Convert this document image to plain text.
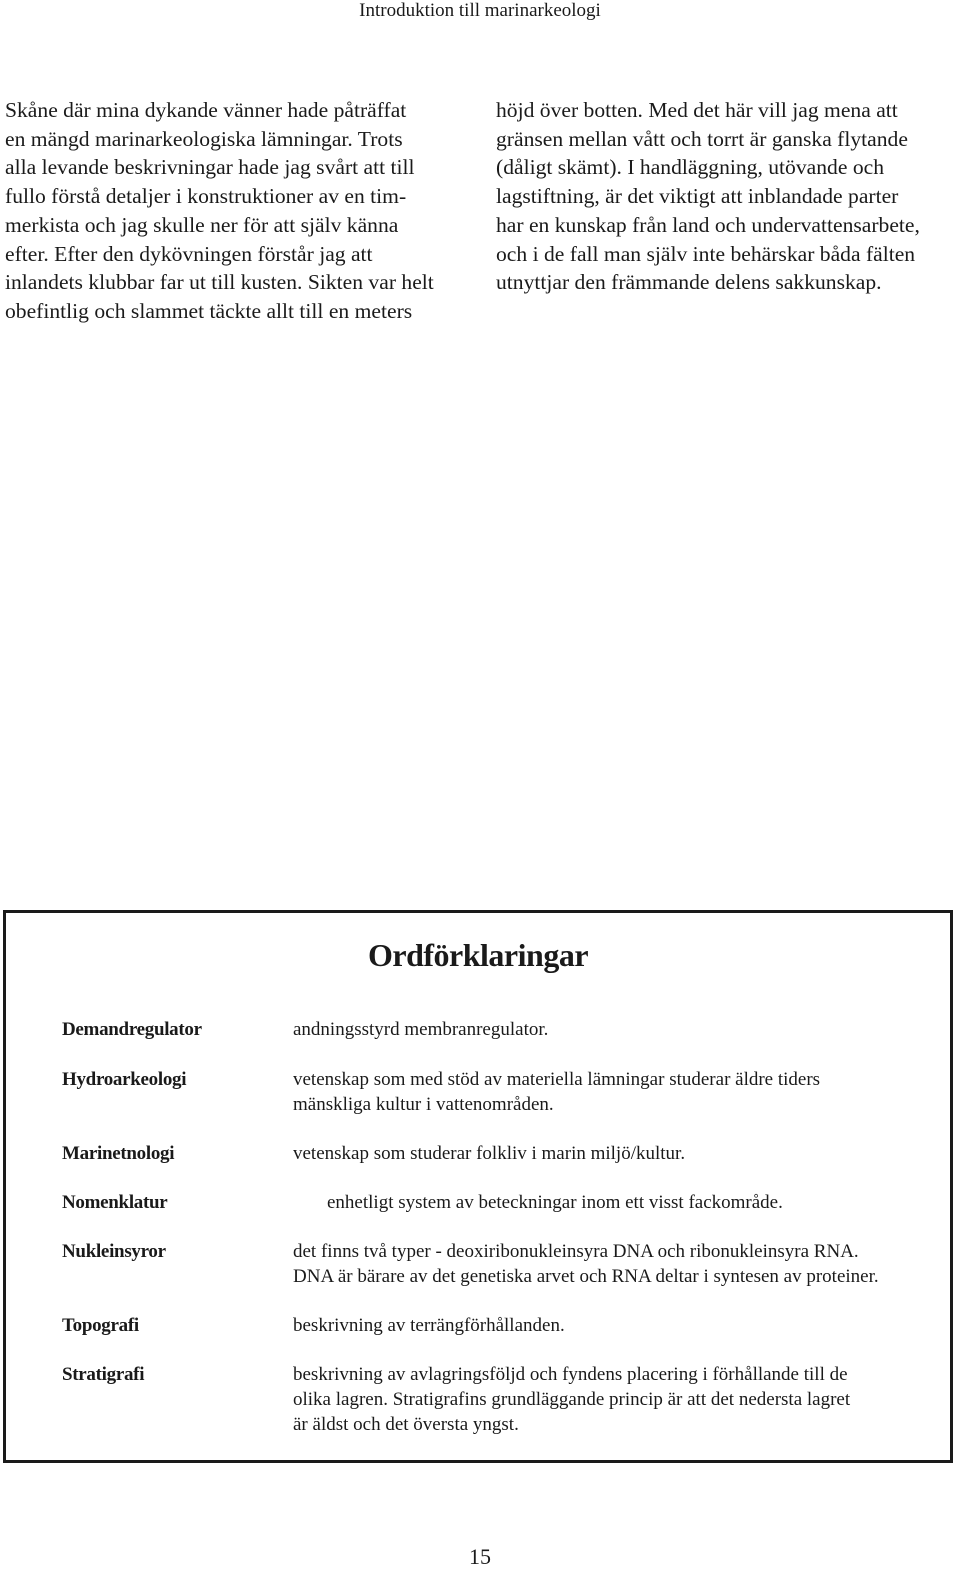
Introduktion till marinarkeologi

Skåne där mina dykande vänner hade påträffat
en mängd marinarkeologiska lämningar. Trots
alla levande beskrivningar hade jag svårt att till
fullo förstå detaljer i konstruktioner av en tim-
merkista och jag skulle ner för att själv känna
efter. Efter den dykövningen förstår jag att
inlandets klubbar far ut till kusten. Sikten var helt
obefintlig och slammet täckte allt till en meters

höjd över botten. Med det här vill jag mena att
gränsen mellan vått och torrt är ganska flytande
(dåligt skämt). I handläggning, utövande och
lagstiftning, är det viktigt att inblandade parter
har en kunskap från land och undervattensarbete,
och i de fall man själv inte behärskar båda fälten
utnyttjar den främmande delens sakkunskap.

Ordförklaringar
Demandregulator	andningsstyrd membranregulator.
Hydroarkeologi	vetenskap som med stöd av materiella lämningar studerar äldre tiders
mänskliga kultur i vattenområden.
Marinetnologi	vetenskap som studerar folkliv i marin miljö/kultur.
Nomenklatur	enhetligt system av beteckningar inom ett visst fackområde.
Nukleinsyror	det finns två typer - deoxiribonukleinsyra DNA och ribonukleinsyra RNA.
DNA är bärare av det genetiska arvet och RNA deltar i syntesen av proteiner.
Topografi	beskrivning av terrängförhållanden.
Stratigrafi	beskrivning av avlagringsföljd och fyndens placering i förhållande till de
olika lagren. Stratigrafins grundläggande princip är att det nedersta lagret
är äldst och det översta yngst.
15
